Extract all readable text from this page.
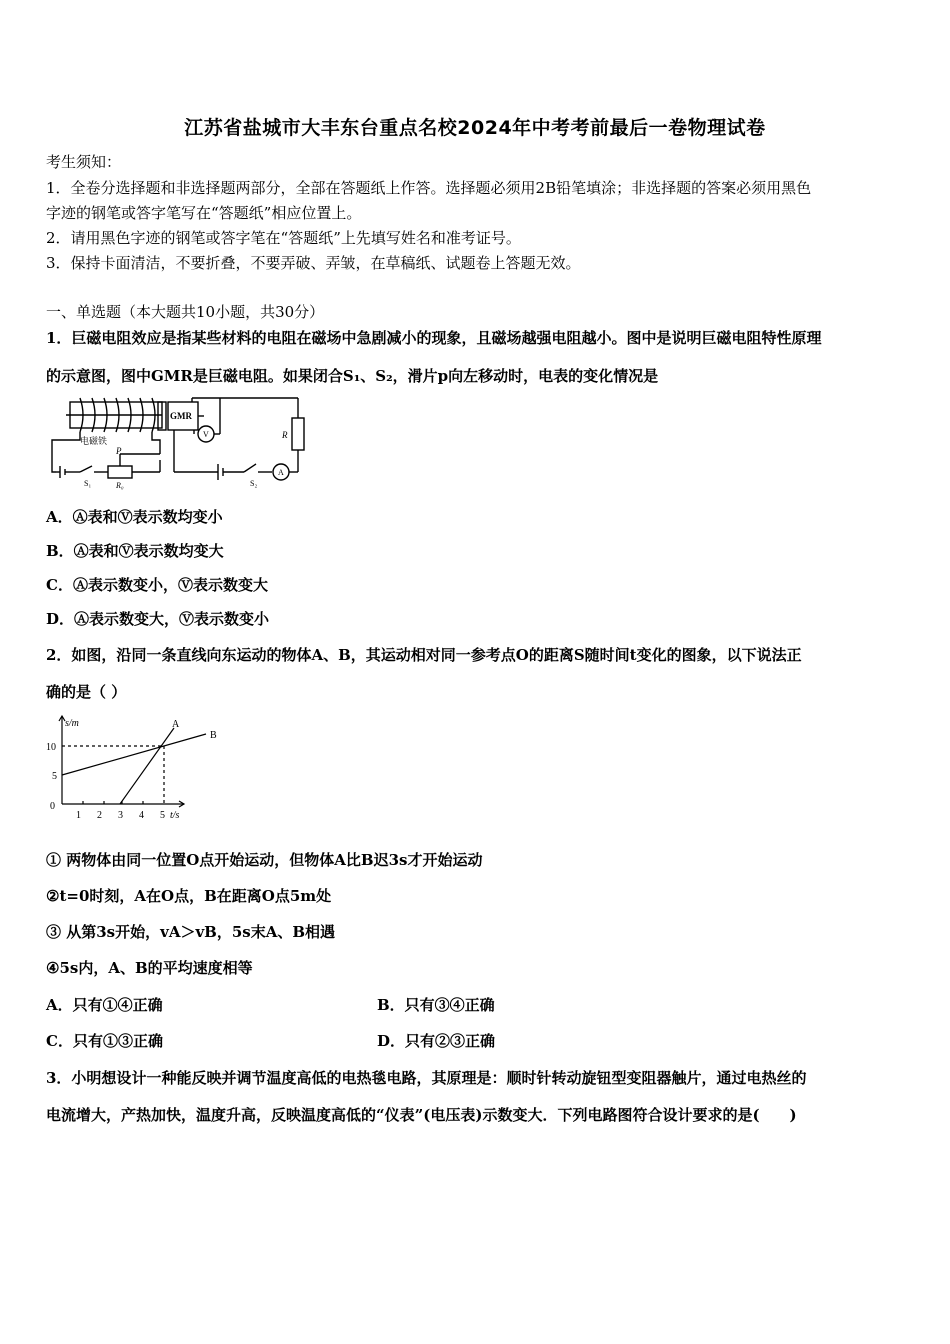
江苏省盐城市大丰东台重点名校2024年中考考前最后一卷物理试卷
考生须知：
1．全卷分选择题和非选择题两部分，全部在答题纸上作答。选择题必须用2B铅笔填涂；非选择题的答案必须用黑色
字迹的钢笔或答字笔写在“答题纸”相应位置上。
2．请用黑色字迹的钢笔或答字笔在“答题纸”上先填写姓名和准考证号。
3．保持卡面清洁，不要折叠，不要弄破、弄皱，在草稿纸、试题卷上答题无效。
一、单选题（本大题共10小题，共30分）
1．巨磁电阻效应是指某些材料的电阻在磁场中急剧减小的现象，且磁场越强电阻越小。图中是说明巨磁电阻特性原理
的示意图，图中GMR是巨磁电阻。如果闭合S₁、S₂，滑片p向左移动时，电表的变化情况是
GMR
电磁铁
P
S₁	R₀	S₂
R
V
A
A．Ⓐ表和Ⓥ表示数均变小
B．Ⓐ表和Ⓥ表示数均变大
C．Ⓐ表示数变小，Ⓥ表示数变大
D．Ⓐ表示数变大，Ⓥ表示数变小
2．如图，沿同一条直线向东运动的物体A、B，其运动相对同一参考点O的距离S随时间t变化的图象，以下说法正
确的是（ ）
s/m
t/s
0
10
5
1 2 3 4 5
A
B
① 两物体由同一位置O点开始运动，但物体A比B迟3s才开始运动
②t=0时刻，A在O点，B在距离O点5m处
③ 从第3s开始，vA＞vB，5s末A、B相遇
④5s内，A、B的平均速度相等
A．只有①④正确	B．只有③④正确
C．只有①③正确	D．只有②③正确
3．小明想设计一种能反映并调节温度高低的电热毯电路，其原理是：顺时针转动旋钮型变阻器触片，通过电热丝的
电流增大，产热加快，温度升高，反映温度高低的“仪表”(电压表)示数变大．下列电路图符合设计要求的是(　　)
